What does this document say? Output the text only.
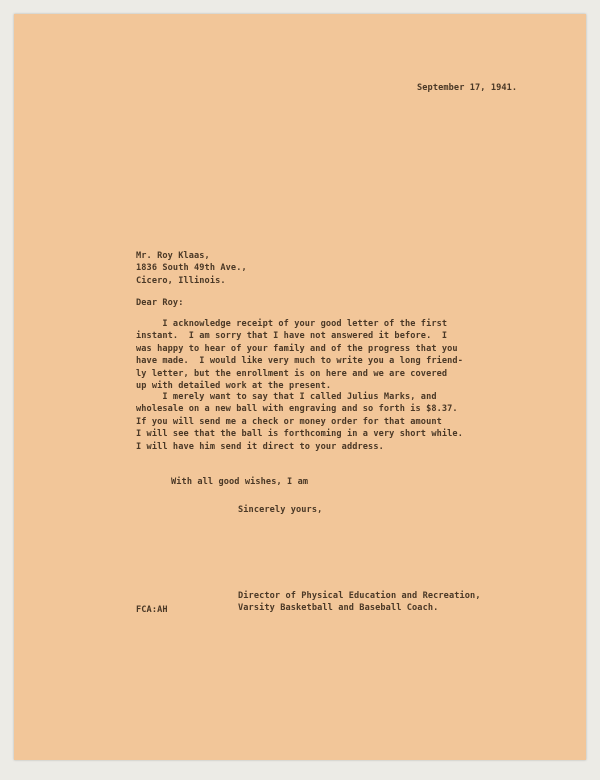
September 17, 1941.
Mr. Roy Klaas,
1836 South 49th Ave.,
Cicero, Illinois.
Dear Roy:
I acknowledge receipt of your good letter of the first
instant.  I am sorry that I have not answered it before.  I
was happy to hear of your family and of the progress that you
have made.  I would like very much to write you a long friend-
ly letter, but the enrollment is on here and we are covered
up with detailed work at the present.
I merely want to say that I called Julius Marks, and
wholesale on a new ball with engraving and so forth is $8.37.
If you will send me a check or money order for that amount
I will see that the ball is forthcoming in a very short while.
I will have him send it direct to your address.
With all good wishes, I am
Sincerely yours,
Director of Physical Education and Recreation,
Varsity Basketball and Baseball Coach.
FCA:AH
